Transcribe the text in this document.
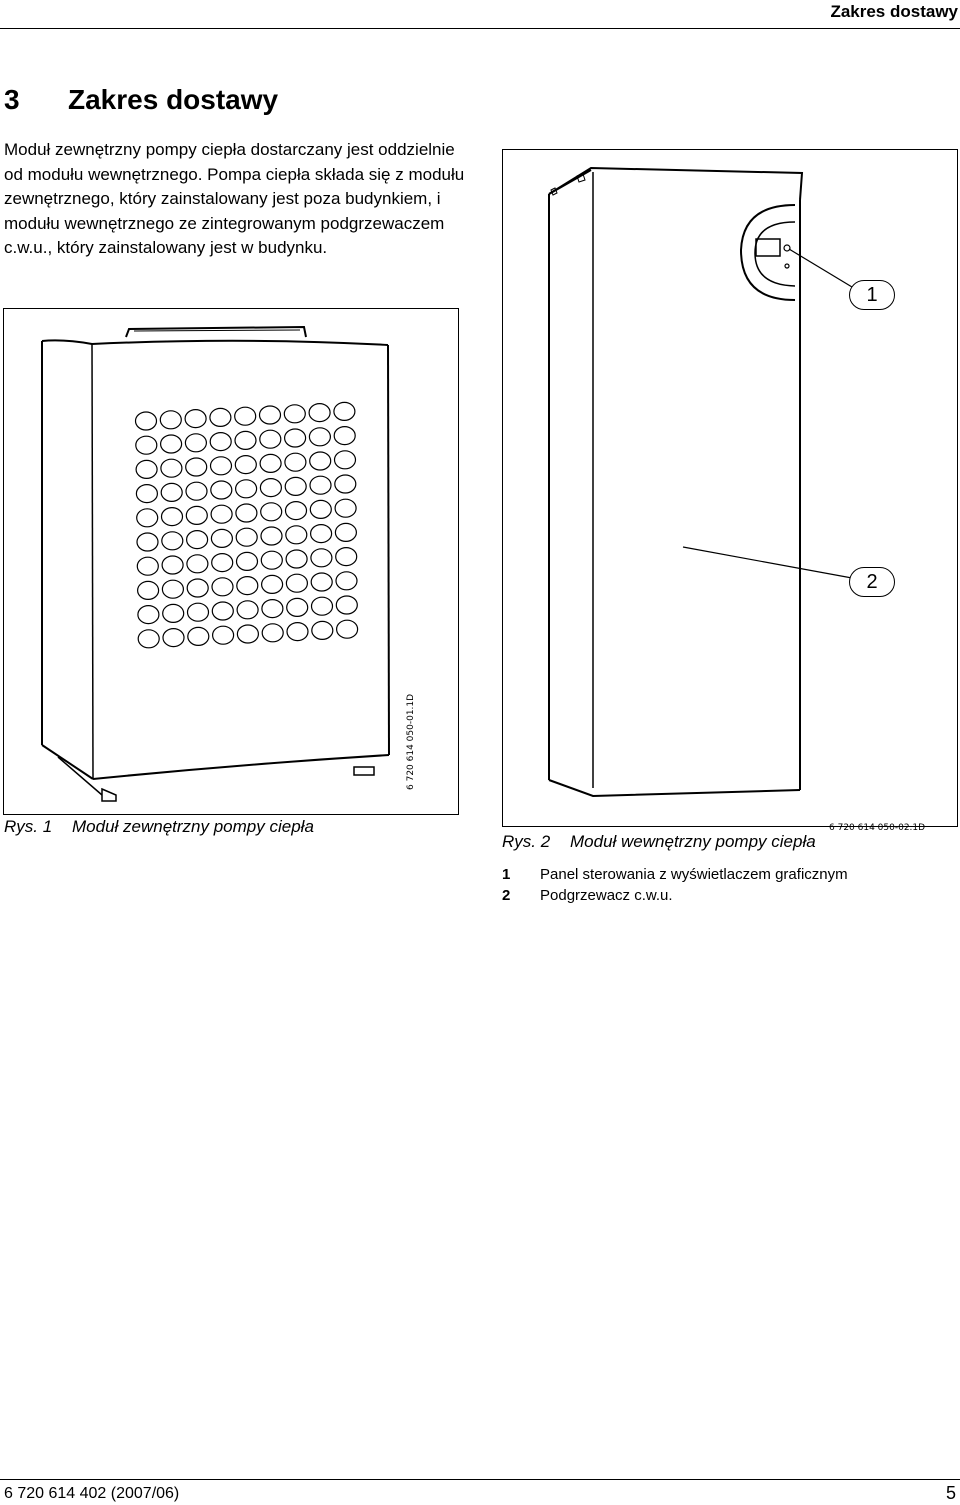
Zakres dostawy
3 Zakres dostawy
Moduł zewnętrzny pompy ciepła dostarczany jest oddzielnie od modułu wewnętrznego. Pompa ciepła składa się z modułu zewnętrznego, który zainstalowany jest poza budynkiem, i modułu wewnętrznego ze zintegrowanym podgrzewaczem c.w.u., który zainstalowany jest w budynku.
6 720 614 050-01.1D
1
2
6 720 614 050-02.1D
Rys. 1 Moduł zewnętrzny pompy ciepła
Rys. 2 Moduł wewnętrzny pompy ciepła
1 Panel sterowania z wyświetlaczem graficznym
2 Podgrzewacz c.w.u.
6 720 614 402 (2007/06)	5
